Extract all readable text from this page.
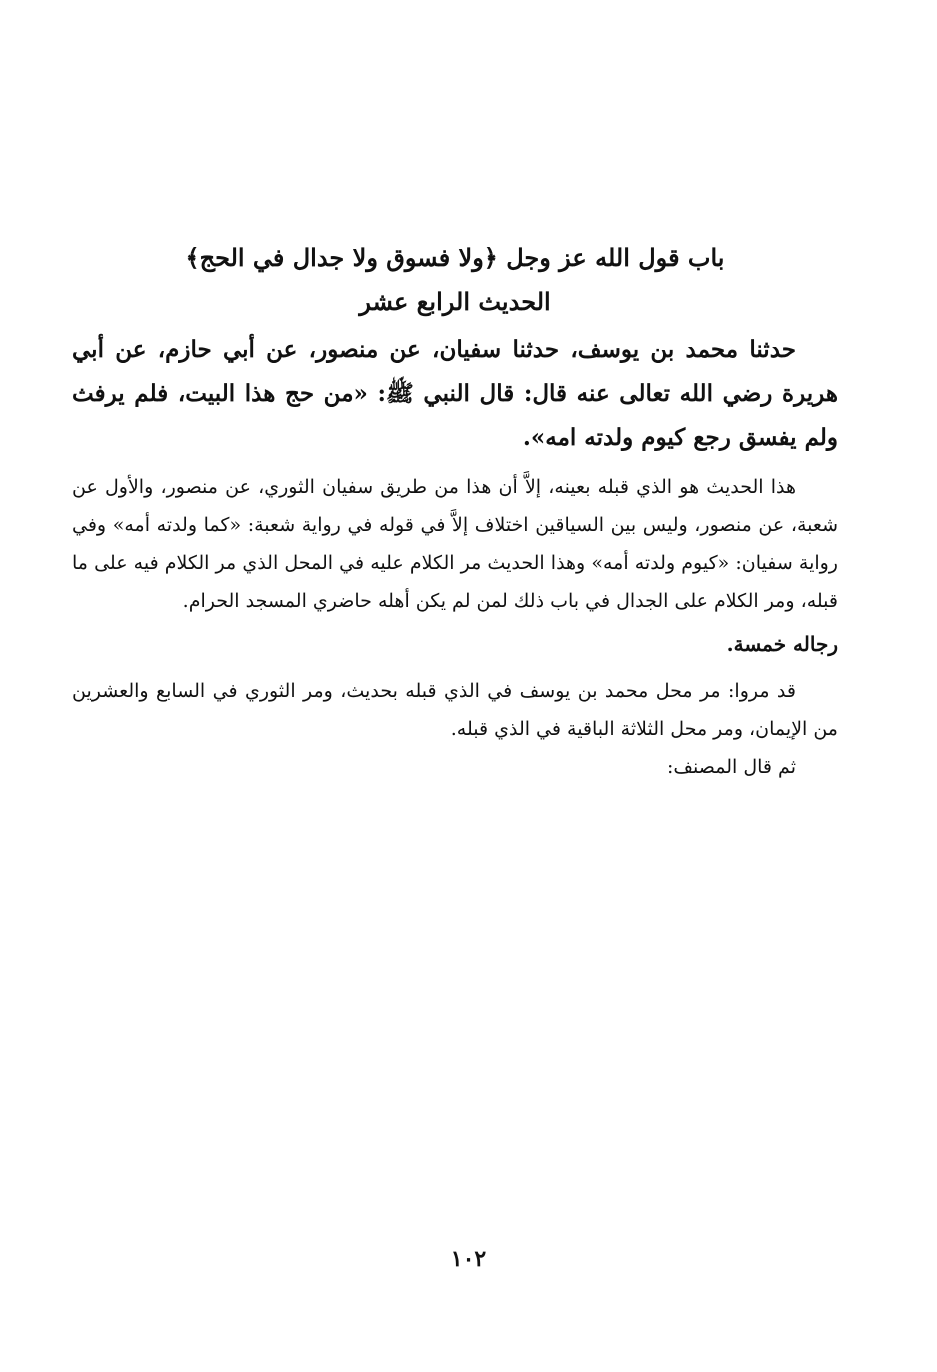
باب قول الله عز وجل ﴿ولا فسوق ولا جدال في الحج﴾

الحديث الرابع عشر

حدثنا محمد بن يوسف، حدثنا سفيان، عن منصور، عن أبي حازم، عن أبي هريرة رضي الله تعالى عنه قال: قال النبي ﷺ: «من حج هذا البيت، فلم يرفث ولم يفسق رجع كيوم ولدته امه».

هذا الحديث هو الذي قبله بعينه، إلاَّ أن هذا من طريق سفيان الثوري، عن منصور، والأول عن شعبة، عن منصور، وليس بين السياقين اختلاف إلاَّ في قوله في رواية شعبة: «كما ولدته أمه» وفي رواية سفيان: «كيوم ولدته أمه» وهذا الحديث مر الكلام عليه في المحل الذي مر الكلام فيه على ما قبله، ومر الكلام على الجدال في باب ذلك لمن لم يكن أهله حاضري المسجد الحرام.

رجاله خمسة.

قد مروا: مر محل محمد بن يوسف في الذي قبله بحديث، ومر الثوري في السابع والعشرين من الإيمان، ومر محل الثلاثة الباقية في الذي قبله.

ثم قال المصنف:

١٠٢
